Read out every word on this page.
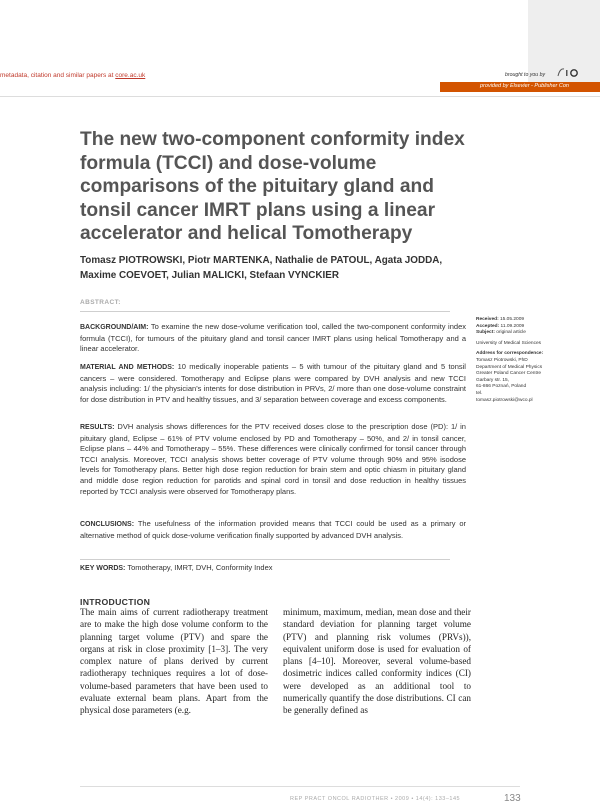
metadata, citation and similar papers at core.ac.uk	brought to you by
provided by Elsevier - Publisher Con
The new two-component conformity index formula (TCCI) and dose-volume comparisons of the pituitary gland and tonsil cancer IMRT plans using a linear accelerator and helical Tomotherapy

Tomasz PIOTROWSKI, Piotr MARTENKA, Nathalie de PATOUL, Agata JODDA, Maxime COEVOET, Julian MALICKI, Stefaan VYNCKIER

ABSTRACT:

BACKGROUND/AIM: To examine the new dose-volume verification tool, called the two-component conformity index formula (TCCI), for tumours of the pituitary gland and tonsil cancer IMRT plans using helical Tomotherapy and a linear accelerator.

MATERIAL AND METHODS: 10 medically inoperable patients – 5 with tumour of the pituitary gland and 5 tonsil cancers – were considered. Tomotherapy and Eclipse plans were compared by DVH analysis and new TCCI analysis including: 1/ the physician's intents for dose distribution in PRVs, 2/ more than one dose-volume constraint for dose distribution in PTV and healthy tissues, and 3/ separation between coverage and excess components.

RESULTS: DVH analysis shows differences for the PTV received doses close to the prescription dose (PD): 1/ in pituitary gland, Eclipse – 61% of PTV volume enclosed by PD and Tomotherapy – 50%, and 2/ in tonsil cancer, Eclipse plans – 44% and Tomotherapy – 55%. These differences were clinically confirmed for tonsil cancer through TCCI analysis. Moreover, TCCI analysis shows better coverage of PTV volume through 90% and 95% isodose levels for Tomotherapy plans. Better high dose region reduction for brain stem and optic chiasm in pituitary gland and middle dose region reduction for parotids and spinal cord in tonsil and dose reduction in healthy tissues reported by TCCI analysis were observed for Tomotherapy plans.

CONCLUSIONS: The usefulness of the information provided means that TCCI could be used as a primary or alternative method of quick dose-volume verification finally supported by advanced DVH analysis.

KEY WORDS: Tomotherapy, IMRT, DVH, Conformity Index
Received: 15.05.2009
Accepted: 11.09.2009
Subject: original article
University of Medical Sciences
Address for correspondence:
Tomasz Piotrowski, PhD
Department of Medical Physics
Greater Poland Cancer Centre
Garbary str. 15,
61-866 Poznań, Poland
tel.
tomasz.piotrowski@wco.pl
INTRODUCTION

The main aims of current radiotherapy treatment are to make the high dose volume conform to the planning target volume (PTV) and spare the organs at risk in close proximity [1–3]. The very complex nature of plans derived by current radiotherapy techniques requires a lot of dose-volume-based parameters that have been used to evaluate external beam plans. Apart from the physical dose parameters (e.g.

minimum, maximum, median, mean dose and their standard deviation for planning target volume (PTV) and planning risk volumes (PRVs)), equivalent uniform dose is used for evaluation of plans [4–10]. Moreover, several volume-based dosimetric indices called conformity indices (CI) were developed as an additional tool to numerically quantify the dose distributions. CI can be generally defined as

REP PRACT ONCOL RADIOTHER • 2009 • 14(4): 133–145	133
